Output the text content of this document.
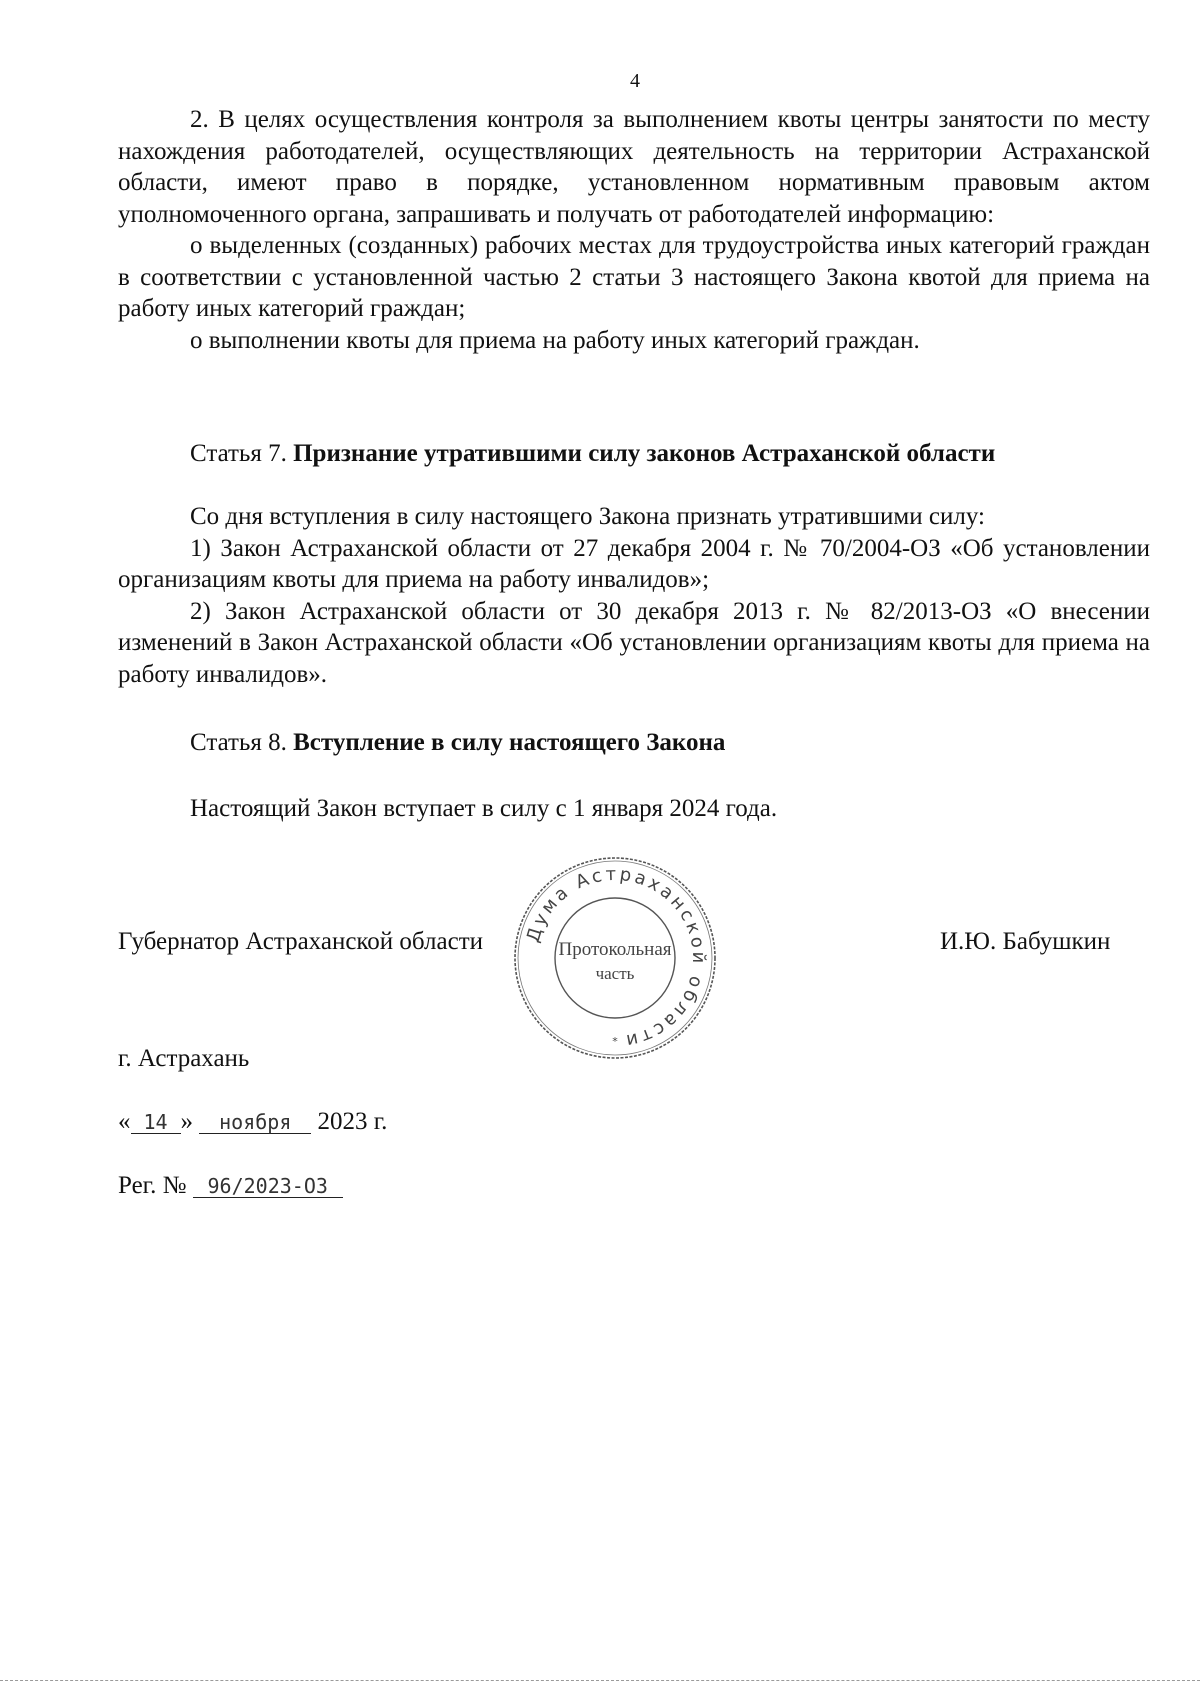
4

2. В целях осуществления контроля за выполнением квоты центры занятости по месту нахождения работодателей, осуществляющих деятельность на территории Астраханской области, имеют право в порядке, установленном нормативным правовым актом уполномоченного органа, запрашивать и получать от работодателей информацию:

о выделенных (созданных) рабочих местах для трудоустройства иных категорий граждан в соответствии с установленной частью 2 статьи 3 настоящего Закона квотой для приема на работу иных категорий граждан;

о выполнении квоты для приема на работу иных категорий граждан.

Статья 7. Признание утратившими силу законов Астраханской области

Со дня вступления в силу настоящего Закона признать утратившими силу:

1) Закон Астраханской области от 27 декабря 2004 г. № 70/2004-ОЗ «Об установлении организациям квоты для приема на работу инвалидов»;

2) Закон Астраханской области от 30 декабря 2013 г. № 82/2013-ОЗ «О внесении изменений в Закон Астраханской области «Об установлении организациям квоты для приема на работу инвалидов».

Статья 8. Вступление в силу настоящего Закона
Настоящий Закон вступает в силу с 1 января 2024 года.
Губернатор Астраханской области	И.Ю. Бабушкин
Дума Астраханской области
Протокольная
часть
*
г. Астрахань
« 14 » ноября 2023 г.
Рег. № 96/2023-ОЗ
